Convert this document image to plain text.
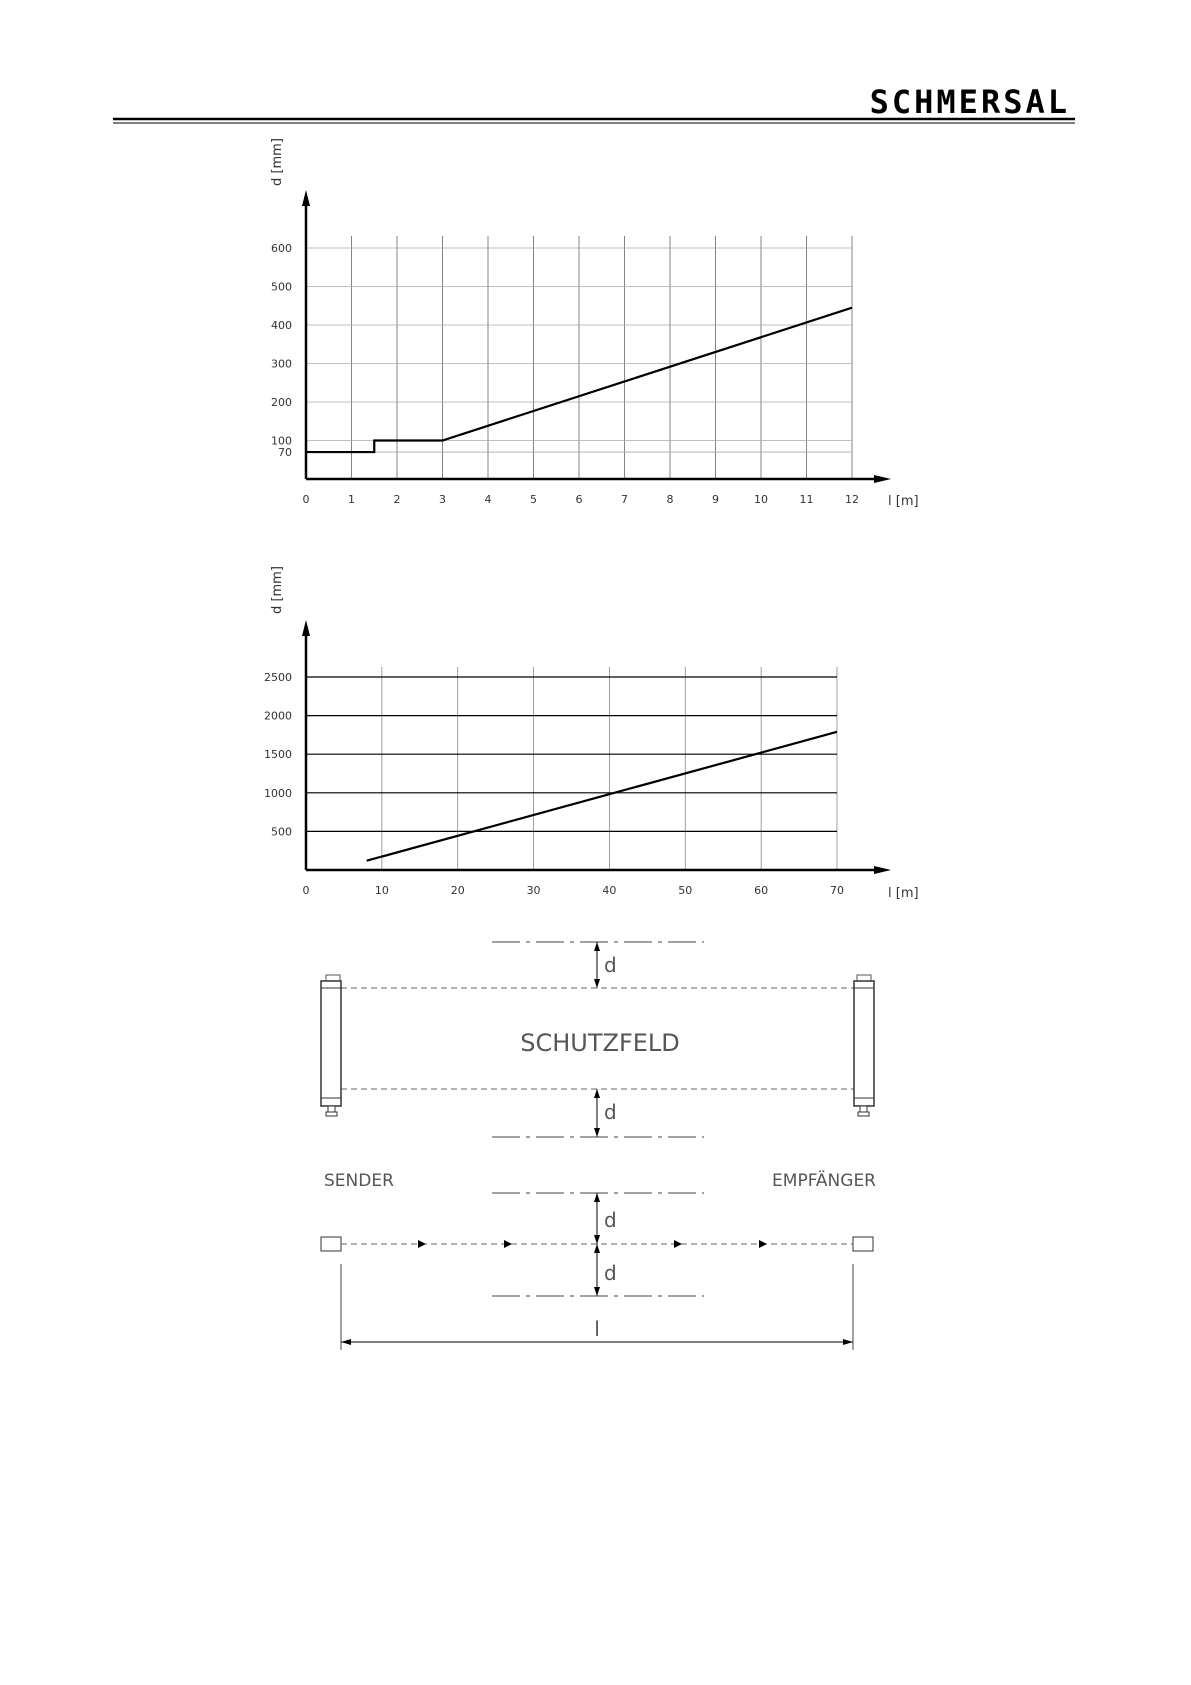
SCHMERSAL
0	1	2	3	4	5	6	7	8	9	10	11	12
600
500
400
300
200
100
70
d [mm]
l [m]
0	10	20	30	40	50	60	70
2500
2000
1500
1000
500
d [mm]
l [m]
d
SCHUTZFELD
d
SENDER	EMPFÄNGER
d
d
l
